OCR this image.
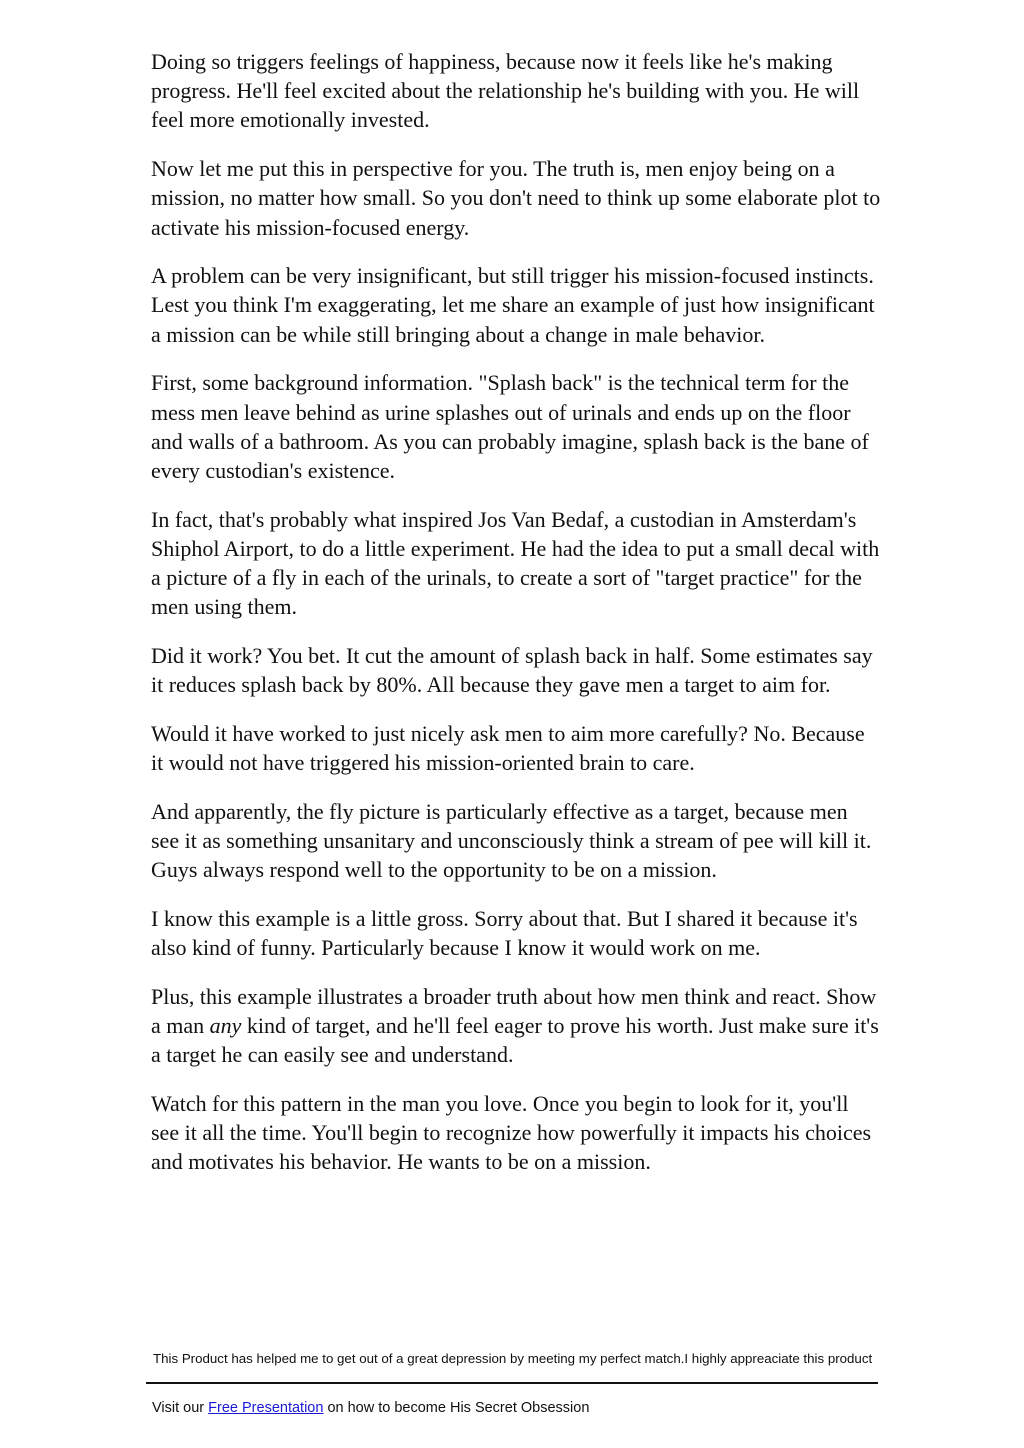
Doing so triggers feelings of happiness, because now it feels like he's making progress. He'll feel excited about the relationship he's building with you. He will feel more emotionally invested.

Now let me put this in perspective for you. The truth is, men enjoy being on a mission, no matter how small. So you don't need to think up some elaborate plot to activate his mission-focused energy.

A problem can be very insignificant, but still trigger his mission-focused instincts. Lest you think I'm exaggerating, let me share an example of just how insignificant a mission can be while still bringing about a change in male behavior.

First, some background information. "Splash back" is the technical term for the mess men leave behind as urine splashes out of urinals and ends up on the floor and walls of a bathroom. As you can probably imagine, splash back is the bane of every custodian's existence.

In fact, that's probably what inspired Jos Van Bedaf, a custodian in Amsterdam's Shiphol Airport, to do a little experiment. He had the idea to put a small decal with a picture of a fly in each of the urinals, to create a sort of "target practice" for the men using them.

Did it work? You bet. It cut the amount of splash back in half. Some estimates say it reduces splash back by 80%. All because they gave men a target to aim for.

Would it have worked to just nicely ask men to aim more carefully? No. Because it would not have triggered his mission-oriented brain to care.

And apparently, the fly picture is particularly effective as a target, because men see it as something unsanitary and unconsciously think a stream of pee will kill it. Guys always respond well to the opportunity to be on a mission.

I know this example is a little gross. Sorry about that. But I shared it because it's also kind of funny. Particularly because I know it would work on me.

Plus, this example illustrates a broader truth about how men think and react. Show a man any kind of target, and he'll feel eager to prove his worth. Just make sure it's a target he can easily see and understand.

Watch for this pattern in the man you love. Once you begin to look for it, you'll see it all the time. You'll begin to recognize how powerfully it impacts his choices and motivates his behavior. He wants to be on a mission.

This Product has helped me to get out of a great depression by meeting my perfect match.I highly appreaciate this product
Visit our Free Presentation on how to become His Secret Obsession
